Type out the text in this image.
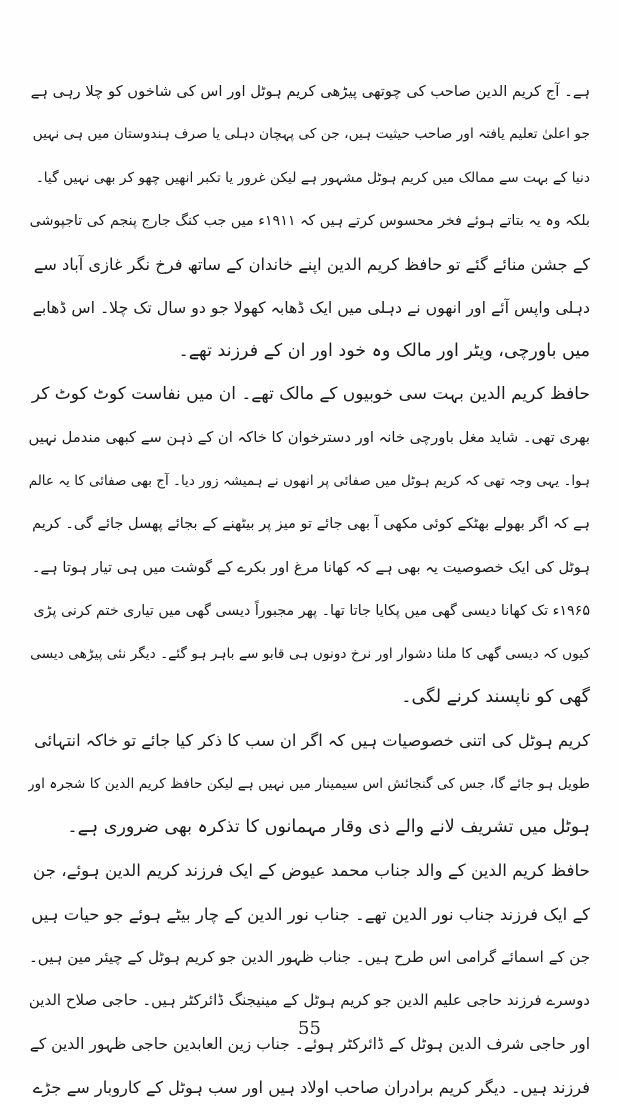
ہے۔ آج کریم الدین صاحب کی چوتھی پیڑھی کریم ہوٹل اور اس کی شاخوں کو چلا رہی ہے
جو اعلیٰ تعلیم یافتہ اور صاحب حیثیت ہیں، جن کی پہچان دہلی یا صرف ہندوستان میں ہی نہیں
دنیا کے بہت سے ممالک میں کریم ہوٹل مشہور ہے لیکن غرور یا تکبر انھیں چھو کر بھی نہیں گیا۔
بلکہ وہ یہ بتاتے ہوئے فخر محسوس کرتے ہیں کہ ۱۹۱۱ء میں جب کنگ جارج پنجم کی تاجپوشی
کے جشن منائے گئے تو حافظ کریم الدین اپنے خاندان کے ساتھ فرخ نگر غازی آباد سے
دہلی واپس آئے اور انھوں نے دہلی میں ایک ڈھابہ کھولا جو دو سال تک چلا۔ اس ڈھابے
میں باورچی، ویٹر اور مالک وہ خود اور ان کے فرزند تھے۔
حافظ کریم الدین بہت سی خوبیوں کے مالک تھے۔ ان میں نفاست کوٹ کوٹ کر
بھری تھی۔ شاید مغل باورچی خانہ اور دسترخوان کا خاکہ ان کے ذہن سے کبھی مندمل نہیں
ہوا۔ یہی وجہ تھی کہ کریم ہوٹل میں صفائی پر انھوں نے ہمیشہ زور دیا۔ آج بھی صفائی کا یہ عالم
ہے کہ اگر بھولے بھٹکے کوئی مکھی آ بھی جائے تو میز پر بیٹھنے کے بجائے پھسل جائے گی۔ کریم
ہوٹل کی ایک خصوصیت یہ بھی ہے کہ کھانا مرغ اور بکرے کے گوشت میں ہی تیار ہوتا ہے۔
۱۹۶۵ء تک کھانا دیسی گھی میں پکایا جاتا تھا۔ پھر مجبوراً دیسی گھی میں تیاری ختم کرنی پڑی
کیوں کہ دیسی گھی کا ملنا دشوار اور نرخ دونوں ہی قابو سے باہر ہو گئے۔ دیگر نئی پیڑھی دیسی
گھی کو ناپسند کرنے لگی۔
کریم ہوٹل کی اتنی خصوصیات ہیں کہ اگر ان سب کا ذکر کیا جائے تو خاکہ انتہائی
طویل ہو جائے گا، جس کی گنجائش اس سیمینار میں نہیں ہے لیکن حافظ کریم الدین کا شجرہ اور
ہوٹل میں تشریف لانے والے ذی وقار مہمانوں کا تذکرہ بھی ضروری ہے۔
حافظ کریم الدین کے والد جناب محمد عیوض کے ایک فرزند کریم الدین ہوئے، جن
کے ایک فرزند جناب نور الدین تھے۔ جناب نور الدین کے چار بیٹے ہوئے جو حیات ہیں
جن کے اسمائے گرامی اس طرح ہیں۔ جناب ظہور الدین جو کریم ہوٹل کے چیئر مین ہیں۔
دوسرے فرزند حاجی علیم الدین جو کریم ہوٹل کے مینیجنگ ڈائرکٹر ہیں۔ حاجی صلاح الدین
اور حاجی شرف الدین ہوٹل کے ڈائرکٹر ہوئے۔ جناب زین العابدین حاجی ظہور الدین کے
فرزند ہیں۔ دیگر کریم برادران صاحب اولاد ہیں اور سب ہوٹل کے کاروبار سے جڑے
55
